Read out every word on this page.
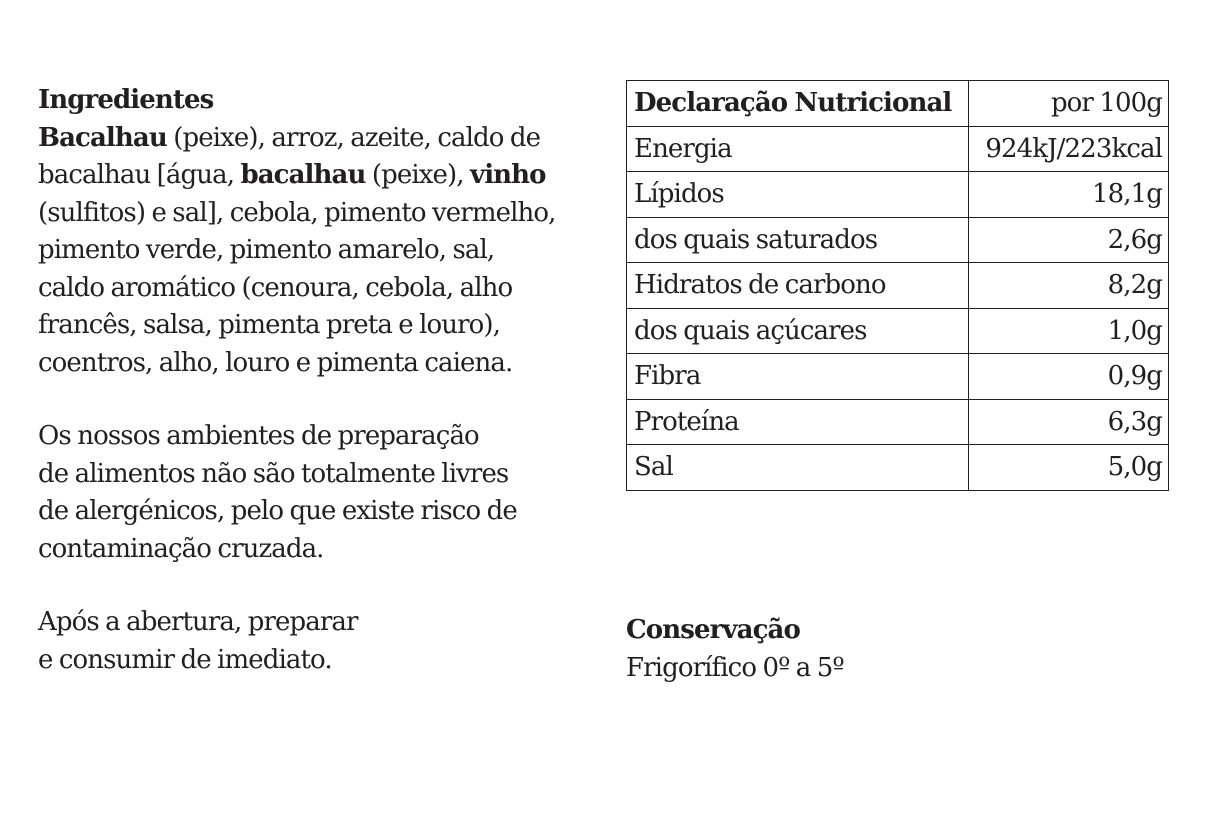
Ingredientes
Bacalhau (peixe), arroz, azeite, caldo de
bacalhau [água, bacalhau (peixe), vinho
(sulfitos) e sal], cebola, pimento vermelho,
pimento verde, pimento amarelo, sal,
caldo aromático (cenoura, cebola, alho
francês, salsa, pimenta preta e louro),
coentros, alho, louro e pimenta caiena.
Os nossos ambientes de preparação
de alimentos não são totalmente livres
de alergénicos, pelo que existe risco de
contaminação cruzada.
Após a abertura, preparar
e consumir de imediato.
Declaração Nutricional	por 100g
Energia	924kJ/223kcal
Lípidos	18,1g
dos quais saturados	2,6g
Hidratos de carbono	8,2g
dos quais açúcares	1,0g
Fibra	0,9g
Proteína	6,3g
Sal	5,0g
Conservação
Frigorífico 0º a 5º
